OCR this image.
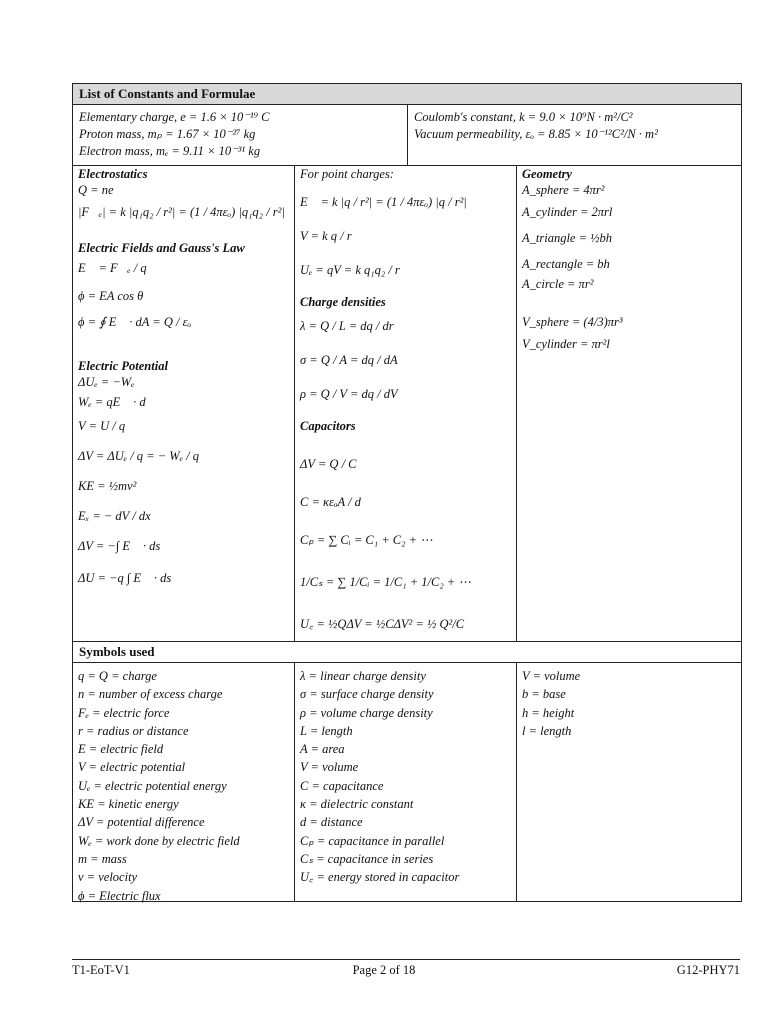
List of Constants and Formulae
Elementary charge, e = 1.6 × 10⁻¹⁹ C
Proton mass, mₚ = 1.67 × 10⁻²⁷ kg
Electron mass, mₑ = 9.11 × 10⁻³¹ kg
Coulomb's constant, k = 9.0 × 10⁹N · m²/C²
Vacuum permeability, εₒ = 8.85 × 10⁻¹²C²/N · m²
Electrostatics
Q = ne
|F⃗ₑ| = k |q₁q₂ / r²| = (1 / 4πεₒ) |q₁q₂ / r²|
Electric Fields and Gauss's Law
E⃗ = F⃗ₑ / q
ϕ = EA cos θ
ϕ = ∮ E⃗ · dA = Q / εₒ
Electric Potential
ΔUₑ = −Wₑ
Wₑ = qE⃗ · d⃗
V = U / q
ΔV = ΔUₑ / q = − Wₑ / q
KE = ½mv²
Eₓ = − dV / dx
ΔV = −∫ E⃗ · ds⃗
ΔU = −q ∫ E⃗ · ds⃗
For point charges:
E⃗ = k |q / r²| = (1 / 4πεₒ) |q / r²|
V = k q / r
Uₑ = qV = k q₁q₂ / r
Charge densities
λ = Q / L = dq / dr
σ = Q / A = dq / dA
ρ = Q / V = dq / dV
Capacitors
ΔV = Q / C
C = κεₒA / d
Cₚ = ∑ Cᵢ = C₁ + C₂ + ⋯
1/Cₛ = ∑ 1/Cᵢ = 1/C₁ + 1/C₂ + ⋯
U꜀ = ½QΔV = ½CΔV² = ½ Q²/C
Geometry
A_sphere = 4πr²
A_cylinder = 2πrl
A_triangle = ½bh
A_rectangle = bh
A_circle = πr²
V_sphere = (4/3)πr³
V_cylinder = πr²l
Symbols used
q = Q = charge
n = number of excess charge
Fₑ = electric force
r = radius or distance
E = electric field
V = electric potential
Uₑ = electric potential energy
KE = kinetic energy
ΔV = potential difference
Wₑ = work done by electric field
m = mass
v = velocity
ϕ = Electric flux
λ = linear charge density
σ = surface charge density
ρ = volume charge density
L = length
A = area
V = volume
C = capacitance
κ = dielectric constant
d = distance
Cₚ = capacitance in parallel
Cₛ = capacitance in series
U꜀ = energy stored in capacitor
V = volume
b = base
h = height
l = length
T1-EoT-V1	Page 2 of 18	G12-PHY71
